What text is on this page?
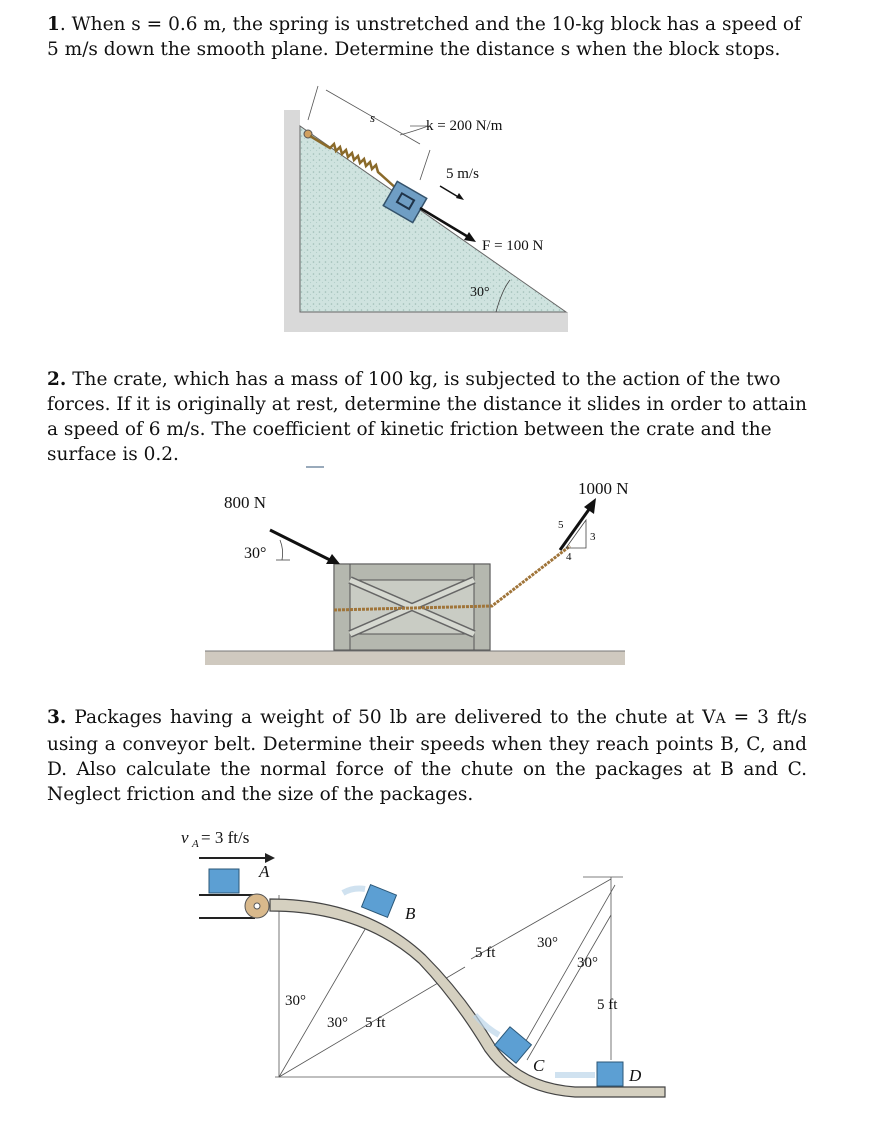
1. When s = 0.6 m, the spring is unstretched and the 10-kg block has a speed of 5 m/s down the smooth plane. Determine the distance s when the block stops.
s
k = 200 N/m
5 m/s
F = 100 N
30°
2. The crate, which has a mass of 100 kg, is subjected to the action of the two forces. If it is originally at rest, determine the distance it slides in order to attain a speed of 6 m/s. The coefficient of kinetic friction between the crate and the surface is 0.2.
800 N
30°
1000 N
5
3
4
3. Packages having a weight of 50 lb are delivered to the chute at VA = 3 ft/s using a conveyor belt. Determine their speeds when they reach points B, C, and D. Also calculate the normal force of the chute on the packages at B and C. Neglect friction and the size of the packages.
v A = 3 ft/s
A
B
C
D
30°
30° 5 ft
5 ft
30°
30°
5 ft
